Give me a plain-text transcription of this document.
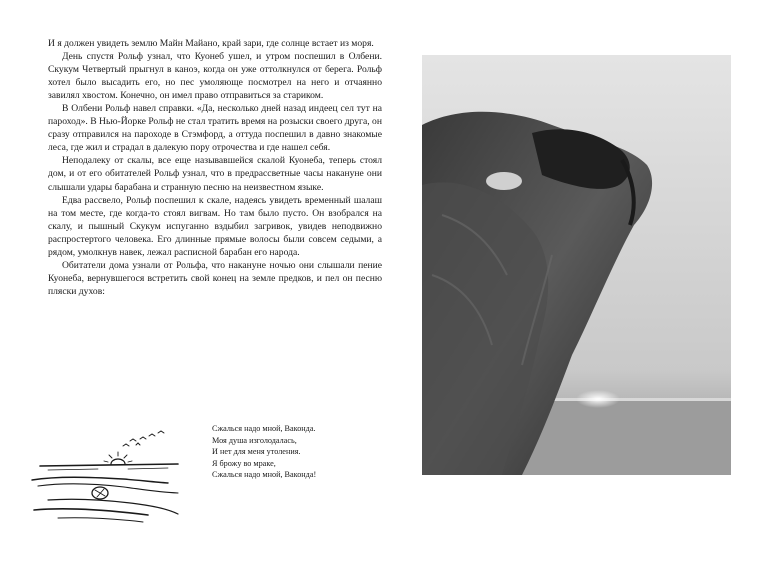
И я должен увидеть землю Майн Майано, край зари, где солнце встает из моря.

День спустя Рольф узнал, что Куонеб ушел, и утром поспешил в Олбени. Скукум Четвертый прыгнул в каноэ, когда он уже оттолкнулся от берега. Рольф хотел было высадить его, но пес умоляюще посмотрел на него и отчаянно завилял хвостом. Конечно, он имел право отправиться за стариком.

В Олбени Рольф навел справки. «Да, несколько дней назад индеец сел тут на пароход». В Нью-Йорке Рольф не стал тратить время на розыски своего друга, он сразу отправился на пароходе в Стэмфорд, а оттуда поспешил в давно знакомые леса, где жил и страдал в далекую пору отрочества и где нашел себя.

Неподалеку от скалы, все еще называвшейся скалой Куонеба, теперь стоял дом, и от его обитателей Рольф узнал, что в предрассветные часы накануне они слышали удары барабана и странную песню на неизвестном языке.

Едва рассвело, Рольф поспешил к скале, надеясь увидеть временный шалаш на том месте, где когда-то стоял вигвам. Но там было пусто. Он взобрался на скалу, и пышный Скукум испуганно вздыбил загривок, увидев неподвижно распростертого человека. Его длинные прямые волосы были совсем седыми, а рядом, умолкнув навек, лежал расписной барабан его народа.

Обитатели дома узнали от Рольфа, что накануне ночью они слышали пение Куонеба, вернувшегося встретить свой конец на земле предков, и пел он песню пляски духов:

Сжалься надо мной, Ваконда.
Моя душа изголодалась,
И нет для меня утоления.
Я брожу во мраке,
Сжалься надо мной, Ваконда!
